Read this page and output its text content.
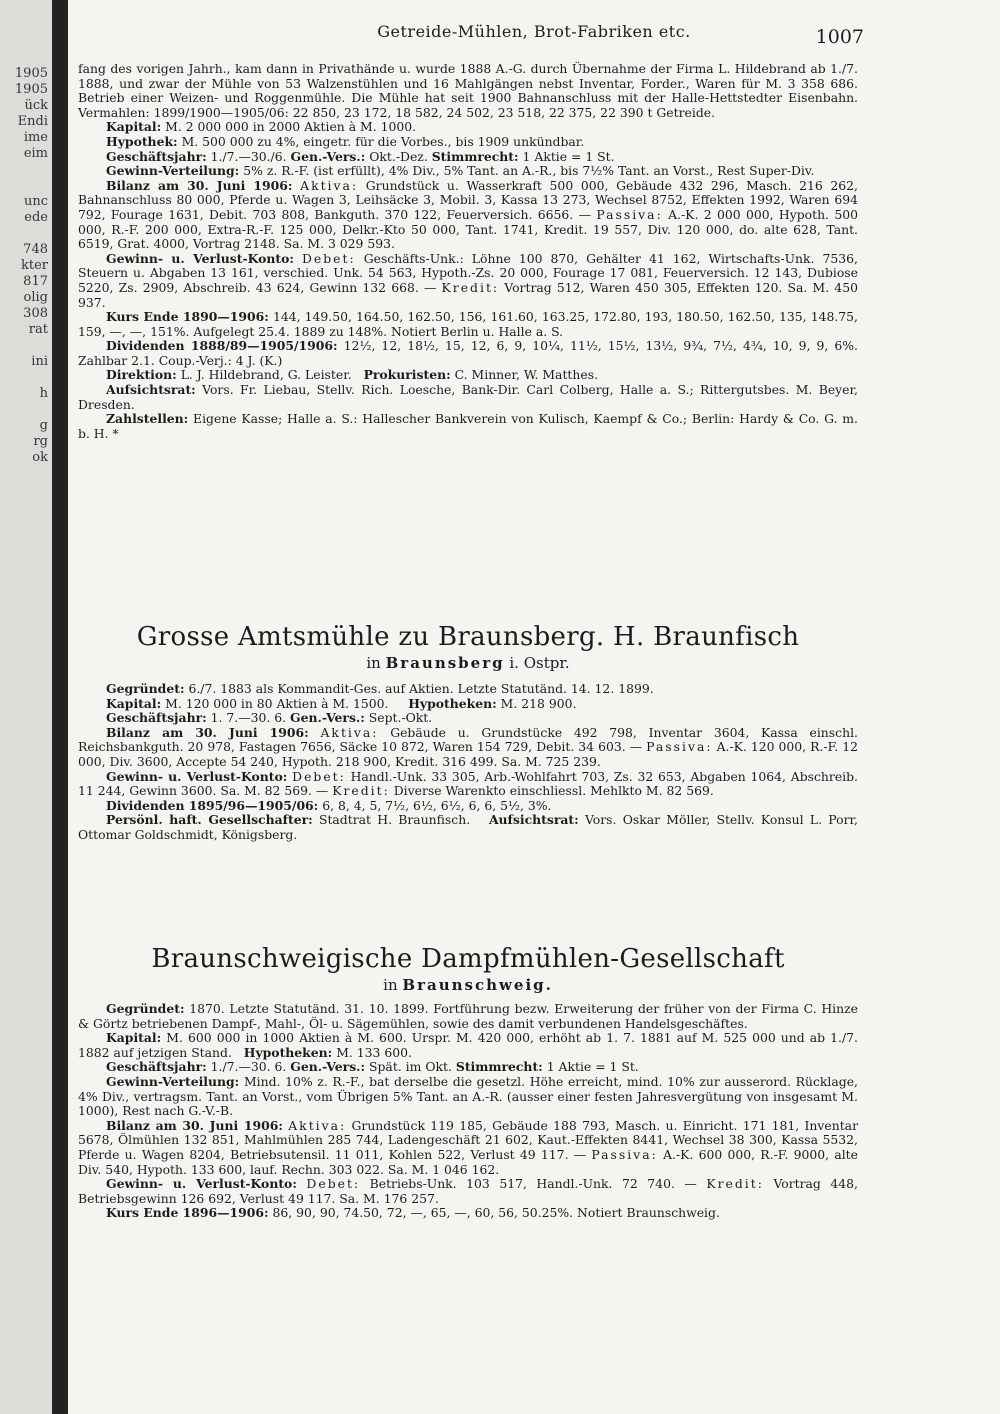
1905
1905
ück
Endi
ime
eim
unc
ede
748
kter
817
olig
308
rat
ini
h
g
rg
ok
Getreide-Mühlen, Brot-Fabriken etc.	1007

fang des vorigen Jahrh., kam dann in Privathände u. wurde 1888 A.-G. durch Übernahme der Firma L. Hildebrand ab 1./7. 1888, und zwar der Mühle von 53 Walzenstühlen und 16 Mahlgängen nebst Inventar, Forder., Waren für M. 3 358 686. Betrieb einer Weizen- und Roggenmühle. Die Mühle hat seit 1900 Bahnanschluss mit der Halle-Hettstedter Eisenbahn. Vermahlen: 1899/1900—1905/06: 22 850, 23 172, 18 582, 24 502, 23 518, 22 375, 22 390 t Getreide.

Kapital: M. 2 000 000 in 2000 Aktien à M. 1000.

Hypothek: M. 500 000 zu 4%, eingetr. für die Vorbes., bis 1909 unkündbar.

Geschäftsjahr: 1./7.—30./6. Gen.-Vers.: Okt.-Dez. Stimmrecht: 1 Aktie = 1 St.

Gewinn-Verteilung: 5% z. R.-F. (ist erfüllt), 4% Div., 5% Tant. an A.-R., bis 7½% Tant. an Vorst., Rest Super-Div.

Bilanz am 30. Juni 1906: Aktiva: Grundstück u. Wasserkraft 500 000, Gebäude 432 296, Masch. 216 262, Bahnanschluss 80 000, Pferde u. Wagen 3, Leihsäcke 3, Mobil. 3, Kassa 13 273, Wechsel 8752, Effekten 1992, Waren 694 792, Fourage 1631, Debit. 703 808, Bankguth. 370 122, Feuerversich. 6656. — Passiva: A.-K. 2 000 000, Hypoth. 500 000, R.-F. 200 000, Extra-R.-F. 125 000, Delkr.-Kto 50 000, Tant. 1741, Kredit. 19 557, Div. 120 000, do. alte 628, Tant. 6519, Grat. 4000, Vortrag 2148. Sa. M. 3 029 593.

Gewinn- u. Verlust-Konto: Debet: Geschäfts-Unk.: Löhne 100 870, Gehälter 41 162, Wirtschafts-Unk. 7536, Steuern u. Abgaben 13 161, verschied. Unk. 54 563, Hypoth.-Zs. 20 000, Fourage 17 081, Feuerversich. 12 143, Dubiose 5220, Zs. 2909, Abschreib. 43 624, Gewinn 132 668. — Kredit: Vortrag 512, Waren 450 305, Effekten 120. Sa. M. 450 937.

Kurs Ende 1890—1906: 144, 149.50, 164.50, 162.50, 156, 161.60, 163.25, 172.80, 193, 180.50, 162.50, 135, 148.75, 159, —, —, 151%. Aufgelegt 25.4. 1889 zu 148%. Notiert Berlin u. Halle a. S.

Dividenden 1888/89—1905/1906: 12½, 12, 18½, 15, 12, 6, 9, 10¼, 11½, 15½, 13½, 9¾, 7½, 4¾, 10, 9, 9, 6%. Zahlbar 2.1. Coup.-Verj.: 4 J. (K.)

Direktion: L. J. Hildebrand, G. Leister. Prokuristen: C. Minner, W. Matthes.

Aufsichtsrat: Vors. Fr. Liebau, Stellv. Rich. Loesche, Bank-Dir. Carl Colberg, Halle a. S.; Rittergutsbes. M. Beyer, Dresden.

Zahlstellen: Eigene Kasse; Halle a. S.: Hallescher Bankverein von Kulisch, Kaempf & Co.; Berlin: Hardy & Co. G. m. b. H. *

Grosse Amtsmühle zu Braunsberg. H. Braunfisch
in Braunsberg i. Ostpr.

Gegründet: 6./7. 1883 als Kommandit-Ges. auf Aktien. Letzte Statutänd. 14. 12. 1899.

Kapital: M. 120 000 in 80 Aktien à M. 1500. Hypotheken: M. 218 900.

Geschäftsjahr: 1. 7.—30. 6. Gen.-Vers.: Sept.-Okt.

Bilanz am 30. Juni 1906: Aktiva: Gebäude u. Grundstücke 492 798, Inventar 3604, Kassa einschl. Reichsbankguth. 20 978, Fastagen 7656, Säcke 10 872, Waren 154 729, Debit. 34 603. — Passiva: A.-K. 120 000, R.-F. 12 000, Div. 3600, Accepte 54 240, Hypoth. 218 900, Kredit. 316 499. Sa. M. 725 239.

Gewinn- u. Verlust-Konto: Debet: Handl.-Unk. 33 305, Arb.-Wohlfahrt 703, Zs. 32 653, Abgaben 1064, Abschreib. 11 244, Gewinn 3600. Sa. M. 82 569. — Kredit: Diverse Warenkto einschliessl. Mehlkto M. 82 569.

Dividenden 1895/96—1905/06: 6, 8, 4, 5, 7½, 6½, 6½, 6, 6, 5½, 3%.

Persönl. haft. Gesellschafter: Stadtrat H. Braunfisch. Aufsichtsrat: Vors. Oskar Möller, Stellv. Konsul L. Porr, Ottomar Goldschmidt, Königsberg.

Braunschweigische Dampfmühlen-Gesellschaft
in Braunschweig.

Gegründet: 1870. Letzte Statutänd. 31. 10. 1899. Fortführung bezw. Erweiterung der früher von der Firma C. Hinze & Görtz betriebenen Dampf-, Mahl-, Öl- u. Sägemühlen, sowie des damit verbundenen Handelsgeschäftes.

Kapital: M. 600 000 in 1000 Aktien à M. 600. Urspr. M. 420 000, erhöht ab 1. 7. 1881 auf M. 525 000 und ab 1./7. 1882 auf jetzigen Stand. Hypotheken: M. 133 600.

Geschäftsjahr: 1./7.—30. 6. Gen.-Vers.: Spät. im Okt. Stimmrecht: 1 Aktie = 1 St.

Gewinn-Verteilung: Mind. 10% z. R.-F., bat derselbe die gesetzl. Höhe erreicht, mind. 10% zur ausserord. Rücklage, 4% Div., vertragsm. Tant. an Vorst., vom Übrigen 5% Tant. an A.-R. (ausser einer festen Jahresvergütung von insgesamt M. 1000), Rest nach G.-V.-B.

Bilanz am 30. Juni 1906: Aktiva: Grundstück 119 185, Gebäude 188 793, Masch. u. Einricht. 171 181, Inventar 5678, Ölmühlen 132 851, Mahlmühlen 285 744, Ladengeschäft 21 602, Kaut.-Effekten 8441, Wechsel 38 300, Kassa 5532, Pferde u. Wagen 8204, Betriebsutensil. 11 011, Kohlen 522, Verlust 49 117. — Passiva: A.-K. 600 000, R.-F. 9000, alte Div. 540, Hypoth. 133 600, lauf. Rechn. 303 022. Sa. M. 1 046 162.

Gewinn- u. Verlust-Konto: Debet: Betriebs-Unk. 103 517, Handl.-Unk. 72 740. — Kredit: Vortrag 448, Betriebsgewinn 126 692, Verlust 49 117. Sa. M. 176 257.

Kurs Ende 1896—1906: 86, 90, 90, 74.50, 72, —, 65, —, 60, 56, 50.25%. Notiert Braunschweig.
